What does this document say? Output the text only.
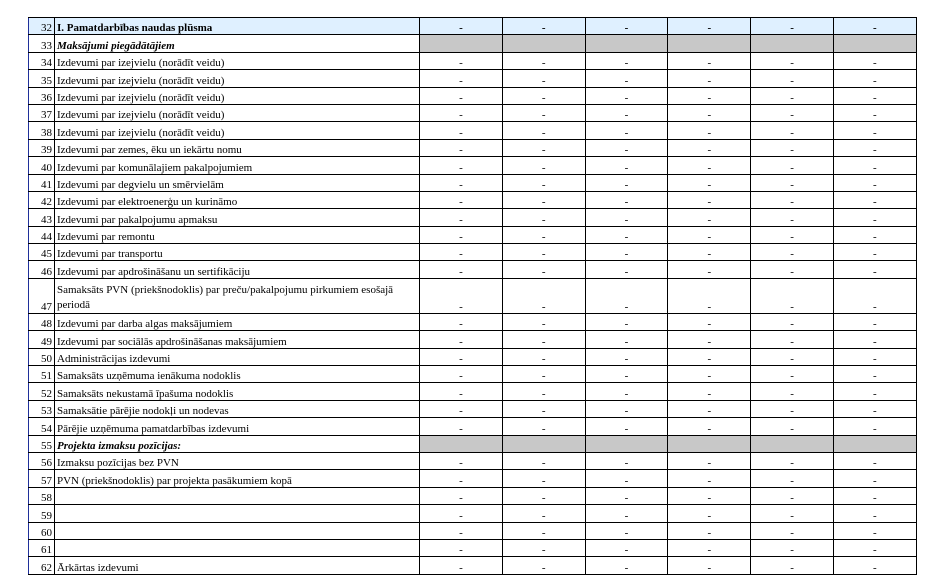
32	I. Pamatdarbības naudas plūsma	-	-	-	-	-	-
33	Maksājumi piegādātājiem						
34	Izdevumi par izejvielu (norādīt veidu)	-	-	-	-	-	-
35	Izdevumi par izejvielu (norādīt veidu)	-	-	-	-	-	-
36	Izdevumi par izejvielu (norādīt veidu)	-	-	-	-	-	-
37	Izdevumi par izejvielu (norādīt veidu)	-	-	-	-	-	-
38	Izdevumi par izejvielu (norādīt veidu)	-	-	-	-	-	-
39	Izdevumi par zemes, ēku un iekārtu nomu	-	-	-	-	-	-
40	Izdevumi par komunālajiem pakalpojumiem	-	-	-	-	-	-
41	Izdevumi par degvielu un smērvielām	-	-	-	-	-	-
42	Izdevumi par elektroenerģu un kurināmo	-	-	-	-	-	-
43	Izdevumi par pakalpojumu apmaksu	-	-	-	-	-	-
44	Izdevumi par remontu	-	-	-	-	-	-
45	Izdevumi par transportu	-	-	-	-	-	-
46	Izdevumi par apdrošināšanu un sertifikāciju	-	-	-	-	-	-
47	Samaksāts PVN (priekšnodoklis) par preču/pakalpojumu pirkumiem esošajā periodā	-	-	-	-	-	-
48	Izdevumi par darba algas maksājumiem	-	-	-	-	-	-
49	Izdevumi par sociālās apdrošināšanas maksājumiem	-	-	-	-	-	-
50	Administrācijas izdevumi	-	-	-	-	-	-
51	Samaksāts uzņēmuma ienākuma nodoklis	-	-	-	-	-	-
52	Samaksāts nekustamā īpašuma nodoklis	-	-	-	-	-	-
53	Samaksātie pārējie nodokļi un nodevas	-	-	-	-	-	-
54	Pārējie uzņēmuma pamatdarbības izdevumi	-	-	-	-	-	-
55	Projekta izmaksu pozīcijas:						
56	Izmaksu pozīcijas bez PVN	-	-	-	-	-	-
57	PVN (priekšnodoklis) par projekta pasākumiem kopā	-	-	-	-	-	-
58		-	-	-	-	-	-
59		-	-	-	-	-	-
60		-	-	-	-	-	-
61		-	-	-	-	-	-
62	Ārkārtas izdevumi	-	-	-	-	-	-
